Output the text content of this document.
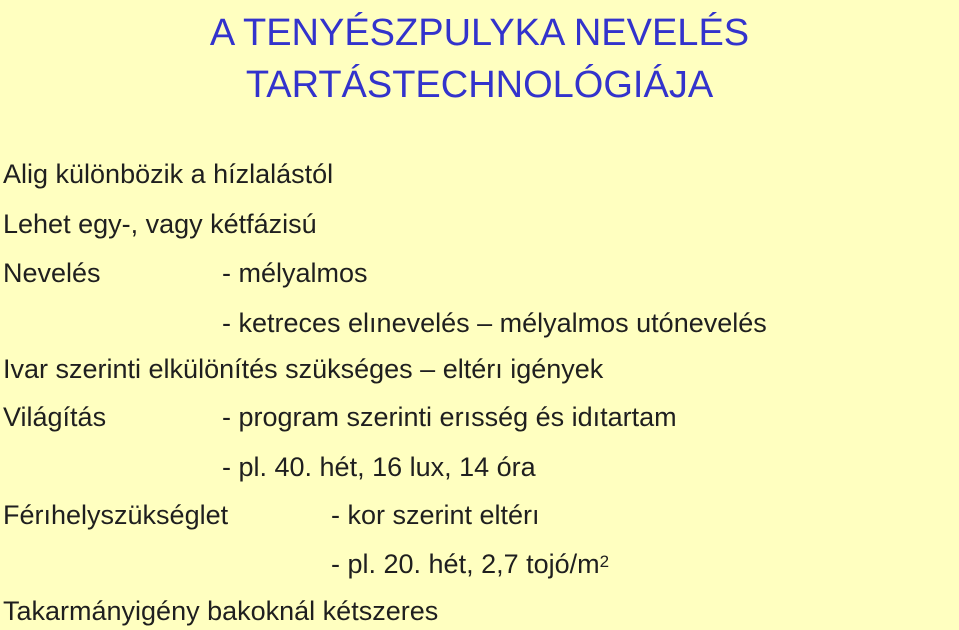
A TENYÉSZPULYKA NEVELÉS
TARTÁSTECHNOLÓGIÁJA
Alig különbözik a hízlalástól
Lehet egy-, vagy kétfázisú
Nevelés	- mélyalmos
- ketreces elınevelés – mélyalmos utónevelés
Ivar szerinti elkülönítés szükséges – eltérı igények
Világítás	- program szerinti erısség és idıtartam
- pl. 40. hét, 16 lux, 14 óra
Férıhelyszükséglet	- kor szerint eltérı
- pl. 20. hét, 2,7 tojó/$m^2$
Takarmányigény bakoknál kétszeres
